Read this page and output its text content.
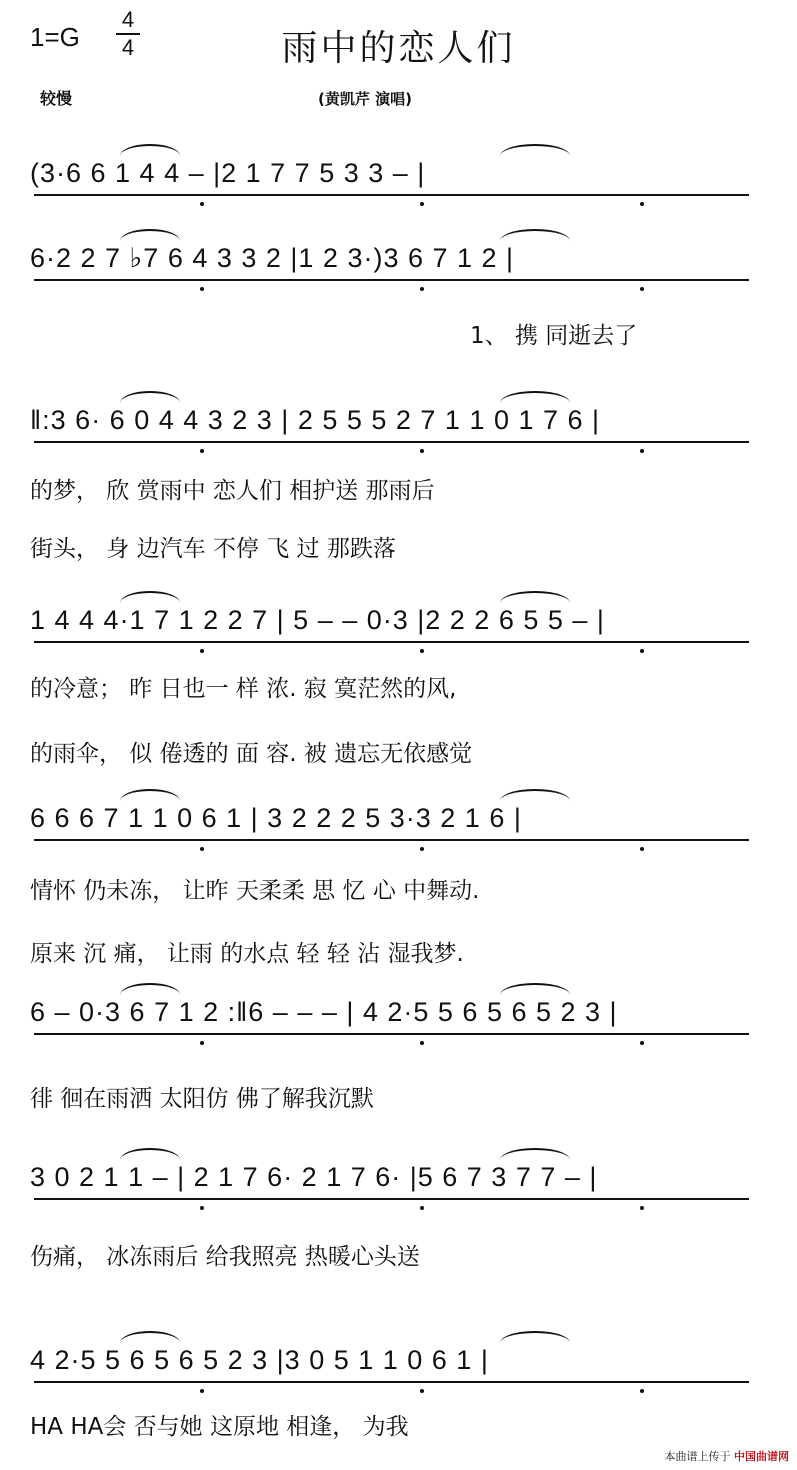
1=G
4
4	雨中的恋人们
较慢	(黄凯芹 演唱)
(3·6 6 1 4 4 – |2 1 7 7 5 3 3 – |
6·2 2 7 ♭7 6 4 3 3 2 |1 2 3·)3 6 7 1 2 |
1、 携 同逝去了
‖:3 6· 6 0 4 4 3 2 3 | 2 5 5 5 2 7 1 1 0 1 7 6 |
的梦， 欣 赏雨中 恋人们 相护送 那雨后
街头， 身 边汽车 不停 飞 过 那跌落
1 4 4 4·1 7 1 2 2 7 | 5 – – 0·3 |2 2 2 6 5 5 – |
的冷意； 昨 日也一 样 浓. 寂 寞茫然的风,
的雨伞， 似 倦透的 面 容. 被 遗忘无依感觉
6 6 6 7 1 1 0 6 1 | 3 2 2 2 5 3·3 2 1 6 |
情怀 仍未冻， 让昨 天柔柔 思 忆 心 中舞动.
原来 沉 痛， 让雨 的水点 轻 轻 沾 湿我梦.
6 – 0·3 6 7 1 2 :‖6 – – – | 4 2·5 5 6 5 6 5 2 3 |
徘 徊在雨洒 太阳仿 佛了解我沉默
3 0 2 1 1 – | 2 1 7 6· 2 1 7 6· |5 6 7 3 7 7 – |
伤痛， 冰冻雨后 给我照亮 热暖心头送
4 2·5 5 6 5 6 5 2 3 |3 0 5 1 1 0 6 1 |
HA HA会 否与她 这原地 相逢， 为我
本曲谱上传于 中国曲谱网
